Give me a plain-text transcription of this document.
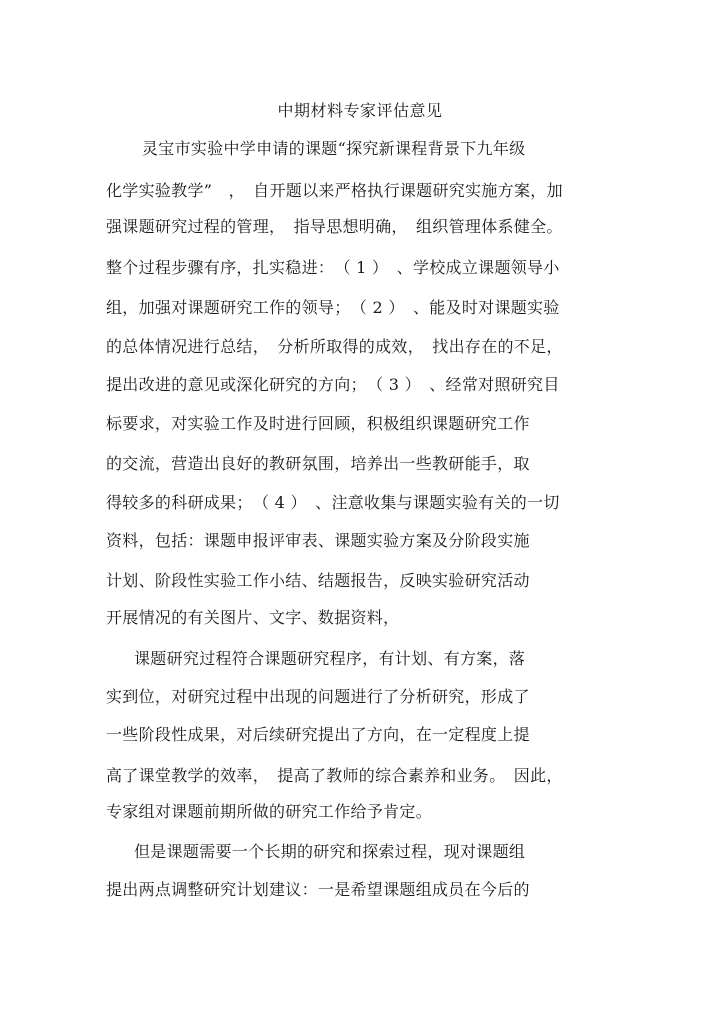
中期材料专家评估意见
灵宝市实验中学申请的课题“探究新课程背景下九年级
化学实验教学”　，　自开题以来严格执行课题研究实施方案，加
强课题研究过程的管理，　指导思想明确，　组织管理体系健全。
整个过程步骤有序，扎实稳进：　（ 1 ）　、学校成立课题领导小
组，加强对课题研究工作的领导；　（ 2 ）　、能及时对课题实验
的总体情况进行总结，　分析所取得的成效，　找出存在的不足，
提出改进的意见或深化研究的方向；　（ 3 ）　、经常对照研究目
标要求，对实验工作及时进行回顾，积极组织课题研究工作
的交流，营造出良好的教研氛围，培养出一些教研能手，取
得较多的科研成果；　（ 4 ）　、注意收集与课题实验有关的一切
资料，包括：课题申报评审表、课题实验方案及分阶段实施
计划、阶段性实验工作小结、结题报告，反映实验研究活动
开展情况的有关图片、文字、数据资料，
课题研究过程符合课题研究程序，有计划、有方案，落
实到位，对研究过程中出现的问题进行了分析研究，形成了
一些阶段性成果，对后续研究提出了方向，在一定程度上提
高了课堂教学的效率，　提高了教师的综合素养和业务。　因此，
专家组对课题前期所做的研究工作给予肯定。
但是课题需要一个长期的研究和探索过程，现对课题组
提出两点调整研究计划建议：一是希望课题组成员在今后的
